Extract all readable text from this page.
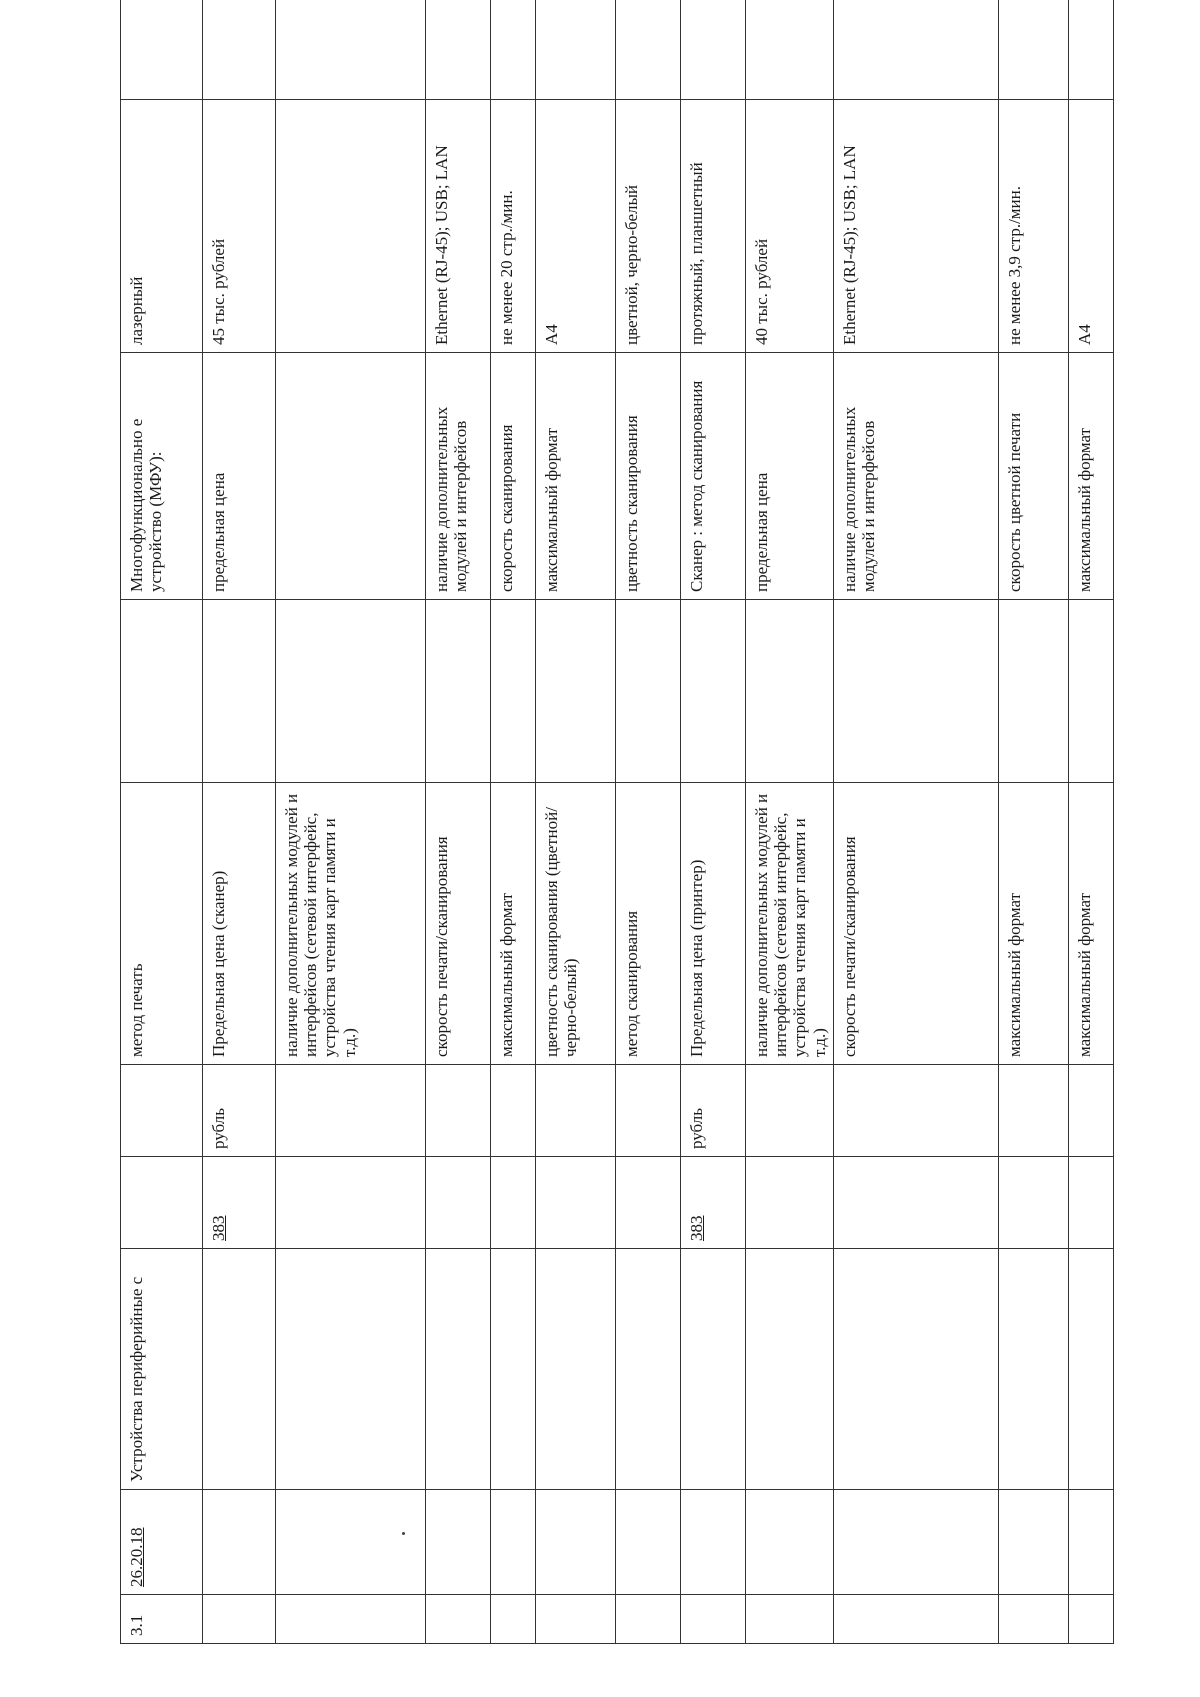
3.1	26.20.18	Устройства периферийные с			метод печать		Многофункционально е устройство (МФУ):	лазерный		
			383	рубль	Предельная цена (сканер)		предельная цена	45 тыс. рублей		
					наличие дополнительных модулей и интерфейсов (сетевой интерфейс, устройства чтения карт памяти и т.д.)					
					скорость печати/сканирования		наличие дополнительных модулей и интерфейсов	Ethernet (RJ-45); USB; LAN		
					максимальный формат		скорость сканирования	не менее 20 стр./мин.		
					цветность сканирования (цветной/черно-белый)		максимальный формат	A4		
					метод сканирования		цветность сканирования	цветной, черно-белый		
			383	рубль	Предельная цена (принтер)		Сканер : метод сканирования	протяжный, планшетный		
					наличие дополнительных модулей и интерфейсов (сетевой интерфейс, устройства чтения карт памяти и т.д.)		предельная цена	40 тыс. рублей		
					скорость печати/сканирования		наличие дополнительных модулей и интерфейсов	Ethernet (RJ-45); USB; LAN		
					максимальный формат		скорость цветной печати	не менее 3,9 стр./мин.		
					максимальный формат		максимальный формат	A4		
